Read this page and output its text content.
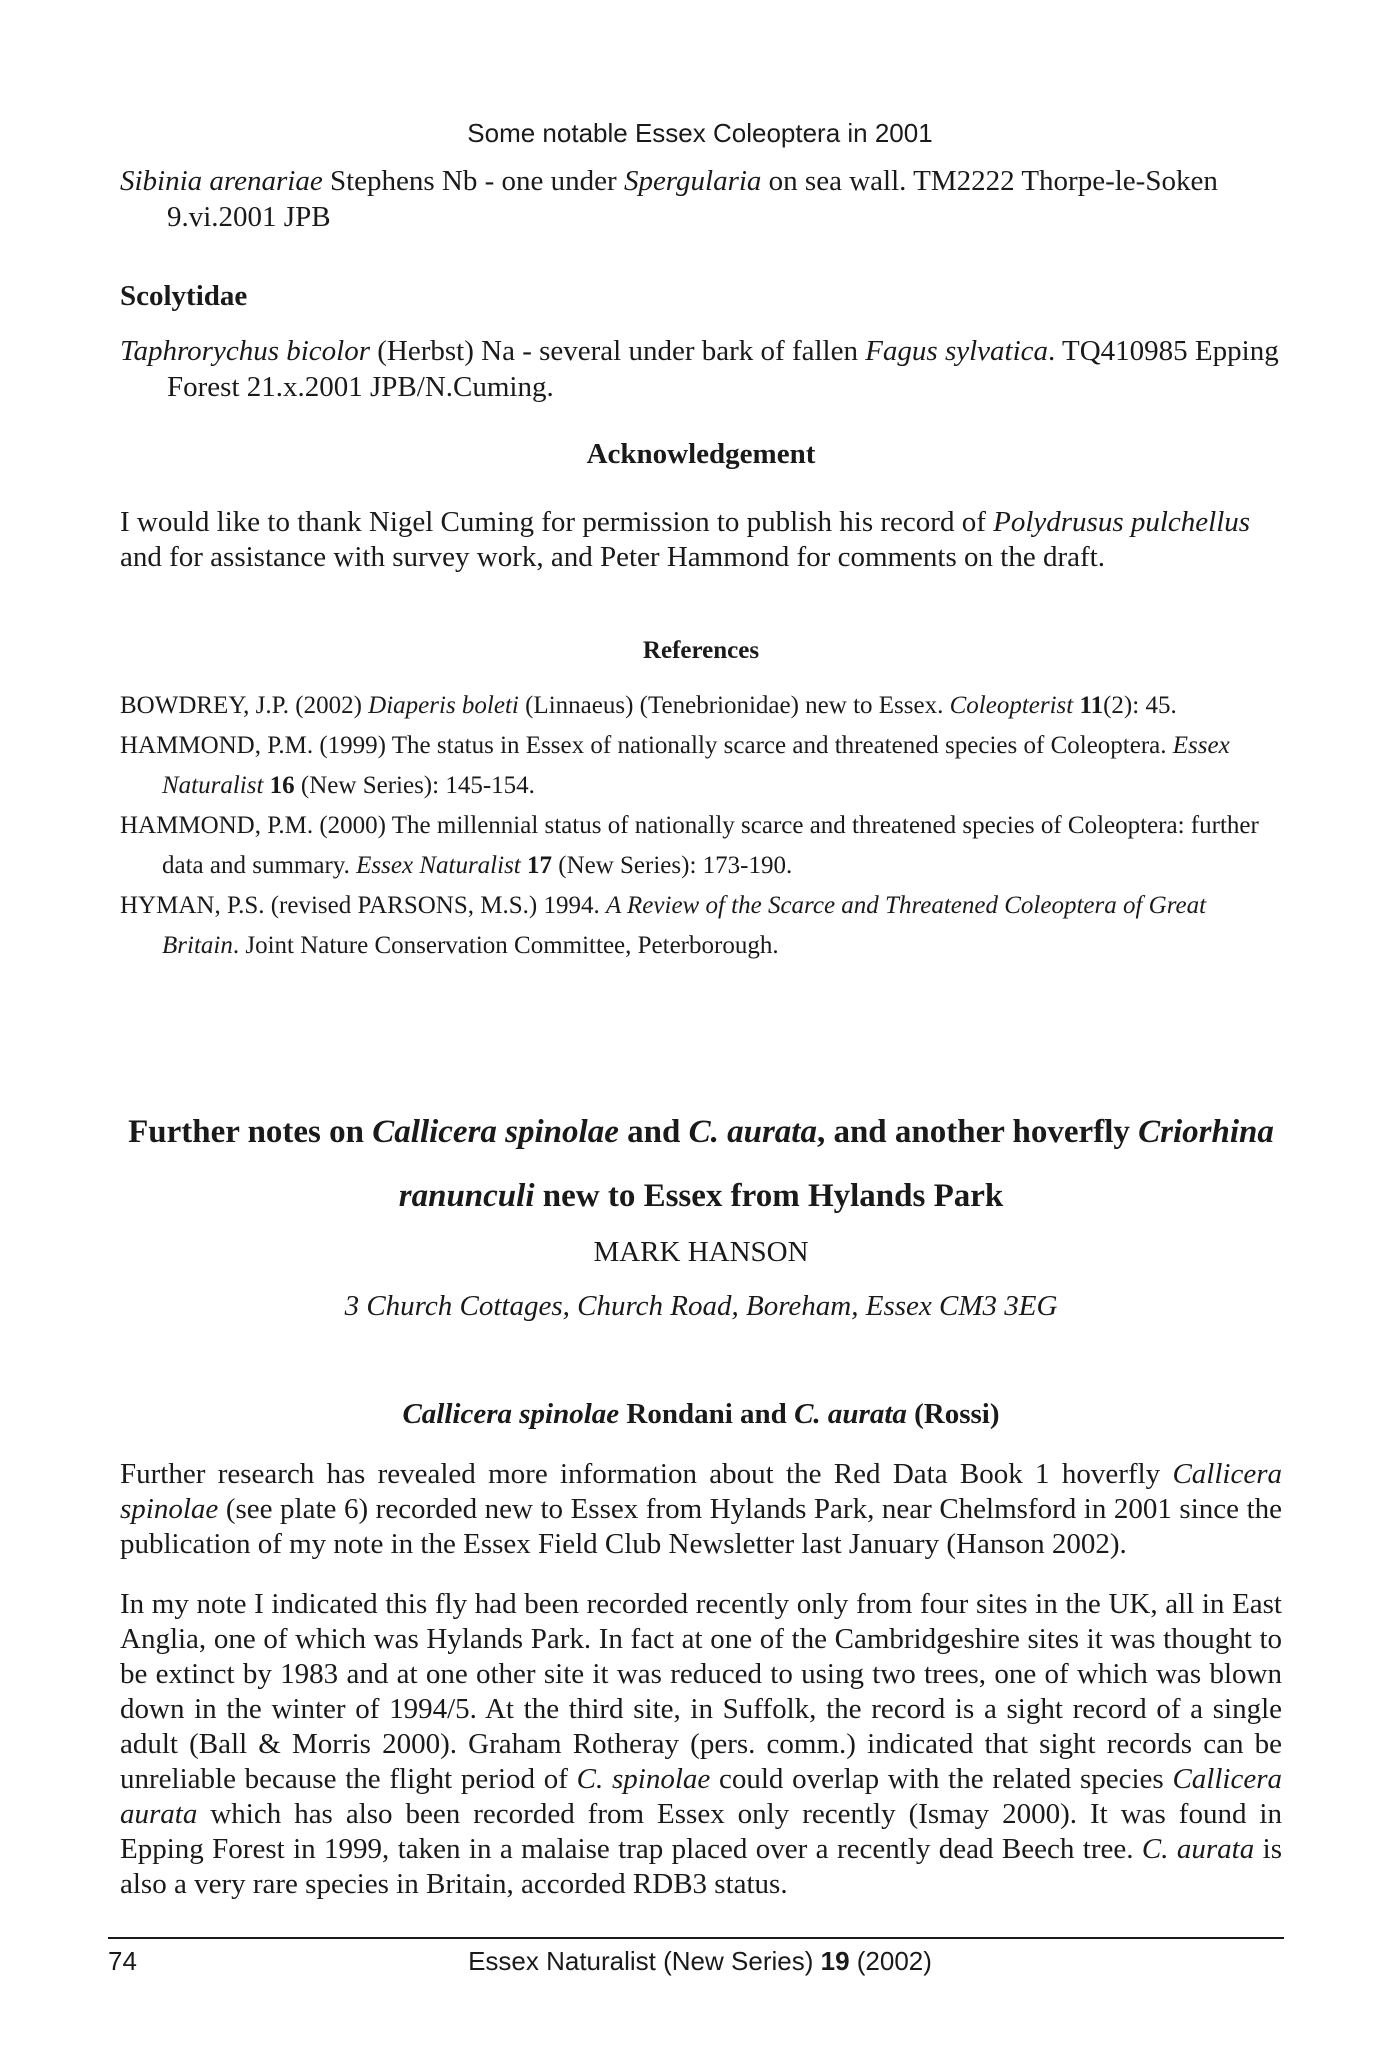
Some notable Essex Coleoptera in 2001

Sibinia arenariae Stephens Nb - one under Spergularia on sea wall. TM2222 Thorpe-le-Soken 9.vi.2001 JPB

Scolytidae

Taphrorychus bicolor (Herbst) Na - several under bark of fallen Fagus sylvatica. TQ410985 Epping Forest 21.x.2001 JPB/N.Cuming.

Acknowledgement

I would like to thank Nigel Cuming for permission to publish his record of Polydrusus pulchellus and for assistance with survey work, and Peter Hammond for comments on the draft.

References

BOWDREY, J.P. (2002) Diaperis boleti (Linnaeus) (Tenebrionidae) new to Essex. Coleopterist 11(2): 45.

HAMMOND, P.M. (1999) The status in Essex of nationally scarce and threatened species of Coleoptera. Essex Naturalist 16 (New Series): 145-154.

HAMMOND, P.M. (2000) The millennial status of nationally scarce and threatened species of Coleoptera: further data and summary. Essex Naturalist 17 (New Series): 173-190.

HYMAN, P.S. (revised PARSONS, M.S.) 1994. A Review of the Scarce and Threatened Coleoptera of Great Britain. Joint Nature Conservation Committee, Peterborough.

Further notes on Callicera spinolae and C. aurata, and another hoverfly Criorhina ranunculi new to Essex from Hylands Park

MARK HANSON

3 Church Cottages, Church Road, Boreham, Essex CM3 3EG

Callicera spinolae Rondani and C. aurata (Rossi)

Further research has revealed more information about the Red Data Book 1 hoverfly Callicera spinolae (see plate 6) recorded new to Essex from Hylands Park, near Chelmsford in 2001 since the publication of my note in the Essex Field Club Newsletter last January (Hanson 2002).

In my note I indicated this fly had been recorded recently only from four sites in the UK, all in East Anglia, one of which was Hylands Park. In fact at one of the Cambridgeshire sites it was thought to be extinct by 1983 and at one other site it was reduced to using two trees, one of which was blown down in the winter of 1994/5. At the third site, in Suffolk, the record is a sight record of a single adult (Ball & Morris 2000). Graham Rotheray (pers. comm.) indicated that sight records can be unreliable because the flight period of C. spinolae could overlap with the related species Callicera aurata which has also been recorded from Essex only recently (Ismay 2000). It was found in Epping Forest in 1999, taken in a malaise trap placed over a recently dead Beech tree. C. aurata is also a very rare species in Britain, accorded RDB3 status.

74	Essex Naturalist (New Series) 19 (2002)
